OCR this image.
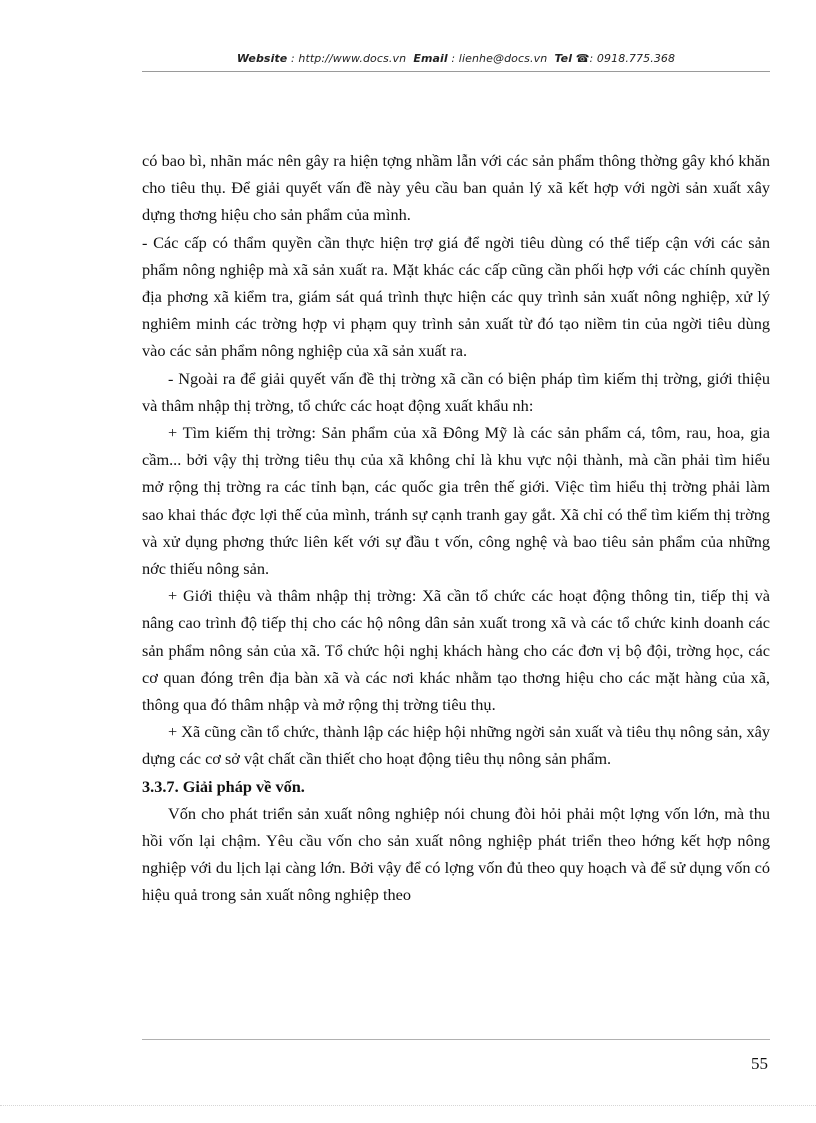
Website : http://www.docs.vn Email : lienhe@docs.vn Tel ☎: 0918.775.368

có bao bì, nhãn mác nên gây ra hiện tợng nhầm lẫn với các sản phẩm thông thờng gây khó khăn cho tiêu thụ. Để giải quyết vấn đề này yêu cầu ban quản lý xã kết hợp với ngời sản xuất xây dựng thơng hiệu cho sản phẩm của mình.

- Các cấp có thẩm quyền cần thực hiện trợ giá để ngời tiêu dùng có thể tiếp cận với các sản phẩm nông nghiệp mà xã sản xuất ra. Mặt khác các cấp cũng cần phối hợp với các chính quyền địa phơng xã kiểm tra, giám sát quá trình thực hiện các quy trình sản xuất nông nghiệp, xử lý nghiêm minh các trờng hợp vi phạm quy trình sản xuất từ đó tạo niềm tin của ngời tiêu dùng vào các sản phẩm nông nghiệp của xã sản xuất ra.

- Ngoài ra để giải quyết vấn đề thị trờng xã cần có biện pháp tìm kiếm thị trờng, giới thiệu và thâm nhập thị trờng, tổ chức các hoạt động xuất khẩu nh:

+ Tìm kiếm thị trờng: Sản phẩm của xã Đông Mỹ là các sản phẩm cá, tôm, rau, hoa, gia cầm... bởi vậy thị trờng tiêu thụ của xã không chỉ là khu vực nội thành, mà cần phải tìm hiểu mở rộng thị trờng ra các tỉnh bạn, các quốc gia trên thế giới. Việc tìm hiểu thị trờng phải làm sao khai thác đợc lợi thế của mình, tránh sự cạnh tranh gay gắt. Xã chỉ có thể tìm kiếm thị trờng và xử dụng phơng thức liên kết với sự đầu t vốn, công nghệ và bao tiêu sản phẩm của những nớc thiếu nông sản.

+ Giới thiệu và thâm nhập thị trờng: Xã cần tổ chức các hoạt động thông tin, tiếp thị và nâng cao trình độ tiếp thị cho các hộ nông dân sản xuất trong xã và các tổ chức kinh doanh các sản phẩm nông sản của xã. Tổ chức hội nghị khách hàng cho các đơn vị bộ đội, trờng học, các cơ quan đóng trên địa bàn xã và các nơi khác nhằm tạo thơng hiệu cho các mặt hàng của xã, thông qua đó thâm nhập và mở rộng thị trờng tiêu thụ.

+ Xã cũng cần tổ chức, thành lập các hiệp hội những ngời sản xuất và tiêu thụ nông sản, xây dựng các cơ sở vật chất cần thiết cho hoạt động tiêu thụ nông sản phẩm.

3.3.7. Giải pháp về vốn.

Vốn cho phát triển sản xuất nông nghiệp nói chung đòi hỏi phải một lợng vốn lớn, mà thu hồi vốn lại chậm. Yêu cầu vốn cho sản xuất nông nghiệp phát triển theo hớng kết hợp nông nghiệp với du lịch lại càng lớn. Bởi vậy để có lợng vốn đủ theo quy hoạch và để sử dụng vốn có hiệu quả trong sản xuất nông nghiệp theo

55
